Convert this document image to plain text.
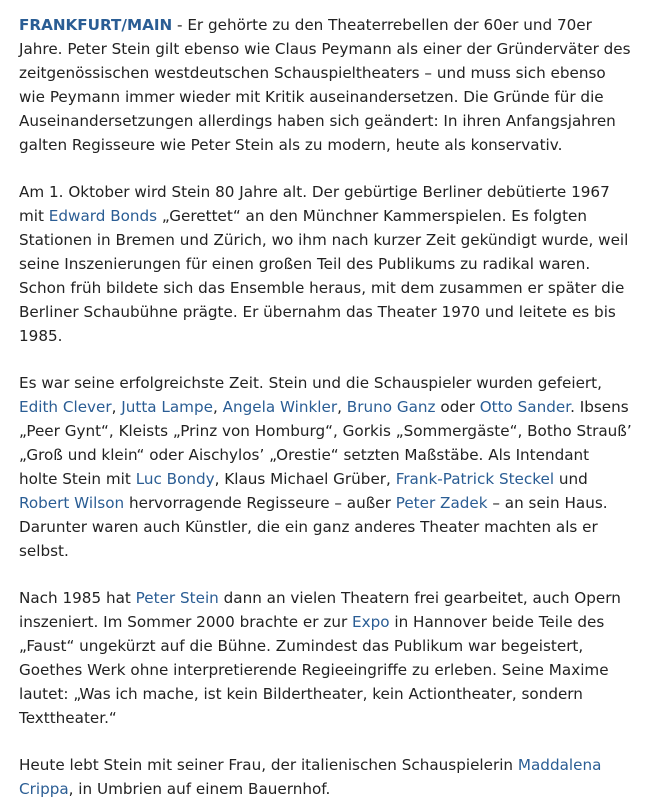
FRANKFURT/MAIN - Er gehörte zu den Theaterrebellen der 60er und 70er Jahre. Peter Stein gilt ebenso wie Claus Peymann als einer der Gründerväter des zeitgenössischen westdeutschen Schauspieltheaters – und muss sich ebenso wie Peymann immer wieder mit Kritik auseinandersetzen. Die Gründe für die Auseinandersetzungen allerdings haben sich geändert: In ihren Anfangsjahren galten Regisseure wie Peter Stein als zu modern, heute als konservativ.

Am 1. Oktober wird Stein 80 Jahre alt. Der gebürtige Berliner debütierte 1967 mit Edward Bonds „Gerettet“ an den Münchner Kammerspielen. Es folgten Stationen in Bremen und Zürich, wo ihm nach kurzer Zeit gekündigt wurde, weil seine Inszenierungen für einen großen Teil des Publikums zu radikal waren. Schon früh bildete sich das Ensemble heraus, mit dem zusammen er später die Berliner Schaubühne prägte. Er übernahm das Theater 1970 und leitete es bis 1985.

Es war seine erfolgreichste Zeit. Stein und die Schauspieler wurden gefeiert, Edith Clever, Jutta Lampe, Angela Winkler, Bruno Ganz oder Otto Sander. Ibsens „Peer Gynt“, Kleists „Prinz von Homburg“, Gorkis „Sommergäste“, Botho Strauß’ „Groß und klein“ oder Aischylos’ „Orestie“ setzten Maßstäbe. Als Intendant holte Stein mit Luc Bondy, Klaus Michael Grüber, Frank-Patrick Steckel und Robert Wilson hervorragende Regisseure – außer Peter Zadek – an sein Haus. Darunter waren auch Künstler, die ein ganz anderes Theater machten als er selbst.

Nach 1985 hat Peter Stein dann an vielen Theatern frei gearbeitet, auch Opern inszeniert. Im Sommer 2000 brachte er zur Expo in Hannover beide Teile des „Faust“ ungekürzt auf die Bühne. Zumindest das Publikum war begeistert, Goethes Werk ohne interpretierende Regieeingriffe zu erleben. Seine Maxime lautet: „Was ich mache, ist kein Bildertheater, kein Actiontheater, sondern Texttheater.“

Heute lebt Stein mit seiner Frau, der italienischen Schauspielerin Maddalena Crippa, in Umbrien auf einem Bauernhof.
